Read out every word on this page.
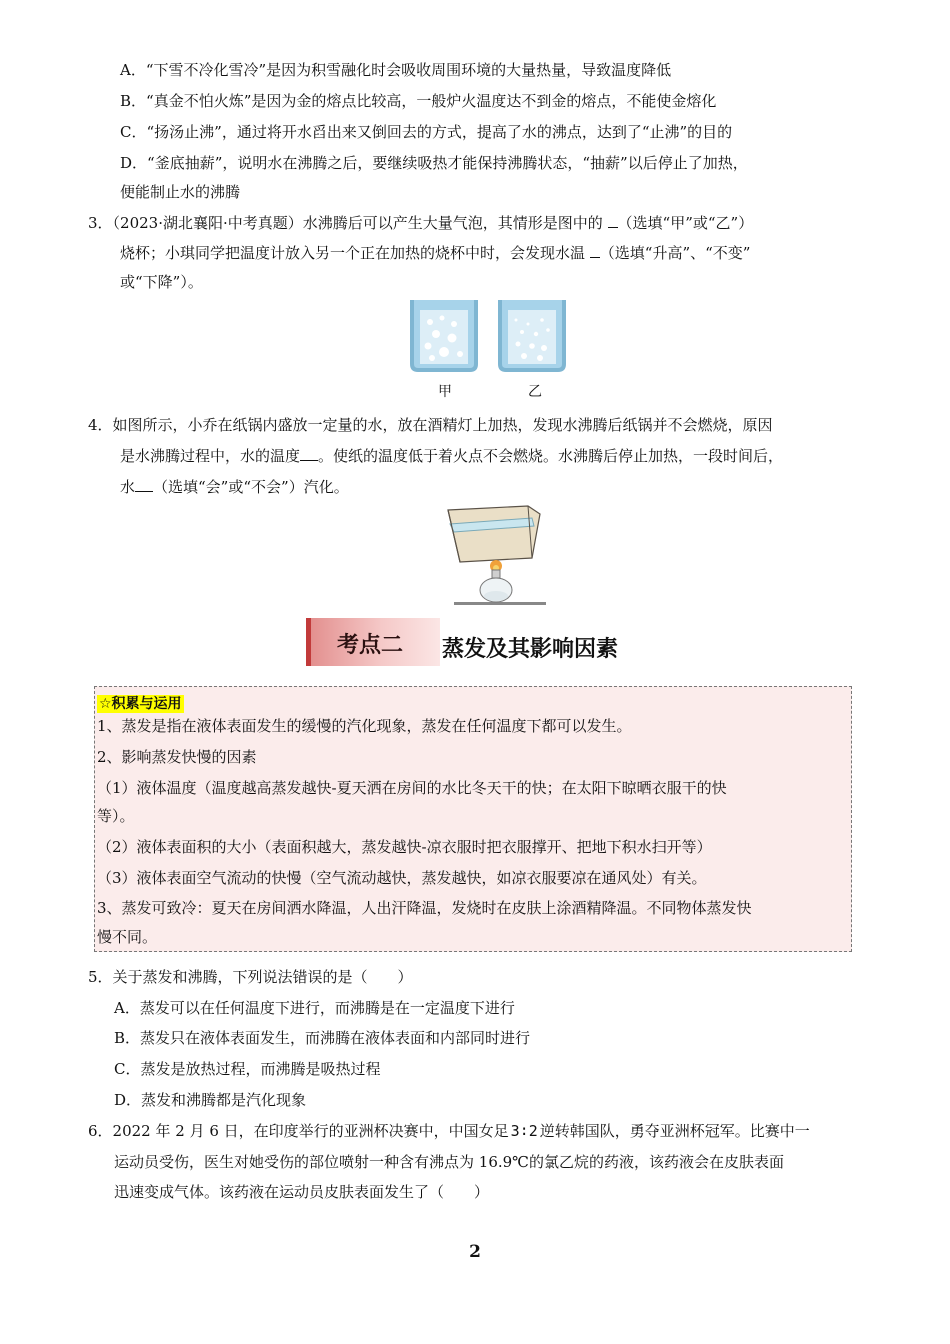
A．“下雪不冷化雪冷”是因为积雪融化时会吸收周围环境的大量热量，导致温度降低
B．“真金不怕火炼”是因为金的熔点比较高，一般炉火温度达不到金的熔点，不能使金熔化
C．“扬汤止沸”，通过将开水舀出来又倒回去的方式，提高了水的沸点，达到了“止沸”的目的
D．“釜底抽薪”，说明水在沸腾之后，要继续吸热才能保持沸腾状态，“抽薪”以后停止了加热，
便能制止水的沸腾
3．（2023·湖北襄阳·中考真题）水沸腾后可以产生大量气泡，其情形是图中的 （选填“甲”或“乙”）
烧杯；小琪同学把温度计放入另一个正在加热的烧杯中时，会发现水温 （选填“升高”、“不变”
或“下降”）。
甲	乙
4．如图所示，小乔在纸锅内盛放一定量的水，放在酒精灯上加热，发现水沸腾后纸锅并不会燃烧，原因
是水沸腾过程中，水的温度 。使纸的温度低于着火点不会燃烧。水沸腾后停止加热，一段时间后，
水 （选填“会”或“不会”）汽化。
考点二 蒸发及其影响因素
☆积累与运用
1、蒸发是指在液体表面发生的缓慢的汽化现象，蒸发在任何温度下都可以发生。
2、影响蒸发快慢的因素
（1）液体温度（温度越高蒸发越快-夏天洒在房间的水比冬天干的快；在太阳下晾晒衣服干的快
等）。
（2）液体表面积的大小（表面积越大，蒸发越快-凉衣服时把衣服撑开、把地下积水扫开等）
（3）液体表面空气流动的快慢（空气流动越快，蒸发越快，如凉衣服要凉在通风处）有关。
3、蒸发可致冷：夏天在房间洒水降温，人出汗降温，发烧时在皮肤上涂酒精降温。不同物体蒸发快
慢不同。
5．关于蒸发和沸腾，下列说法错误的是（　　）
A．蒸发可以在任何温度下进行，而沸腾是在一定温度下进行
B．蒸发只在液体表面发生，而沸腾在液体表面和内部同时进行
C．蒸发是放热过程，而沸腾是吸热过程
D．蒸发和沸腾都是汽化现象
6．2022 年 2 月 6 日，在印度举行的亚洲杯决赛中，中国女足 3∶2 逆转韩国队，勇夺亚洲杯冠军。比赛中一
运动员受伤，医生对她受伤的部位喷射一种含有沸点为 16.9℃的氯乙烷的药液，该药液会在皮肤表面
迅速变成气体。该药液在运动员皮肤表面发生了（　　）
2
